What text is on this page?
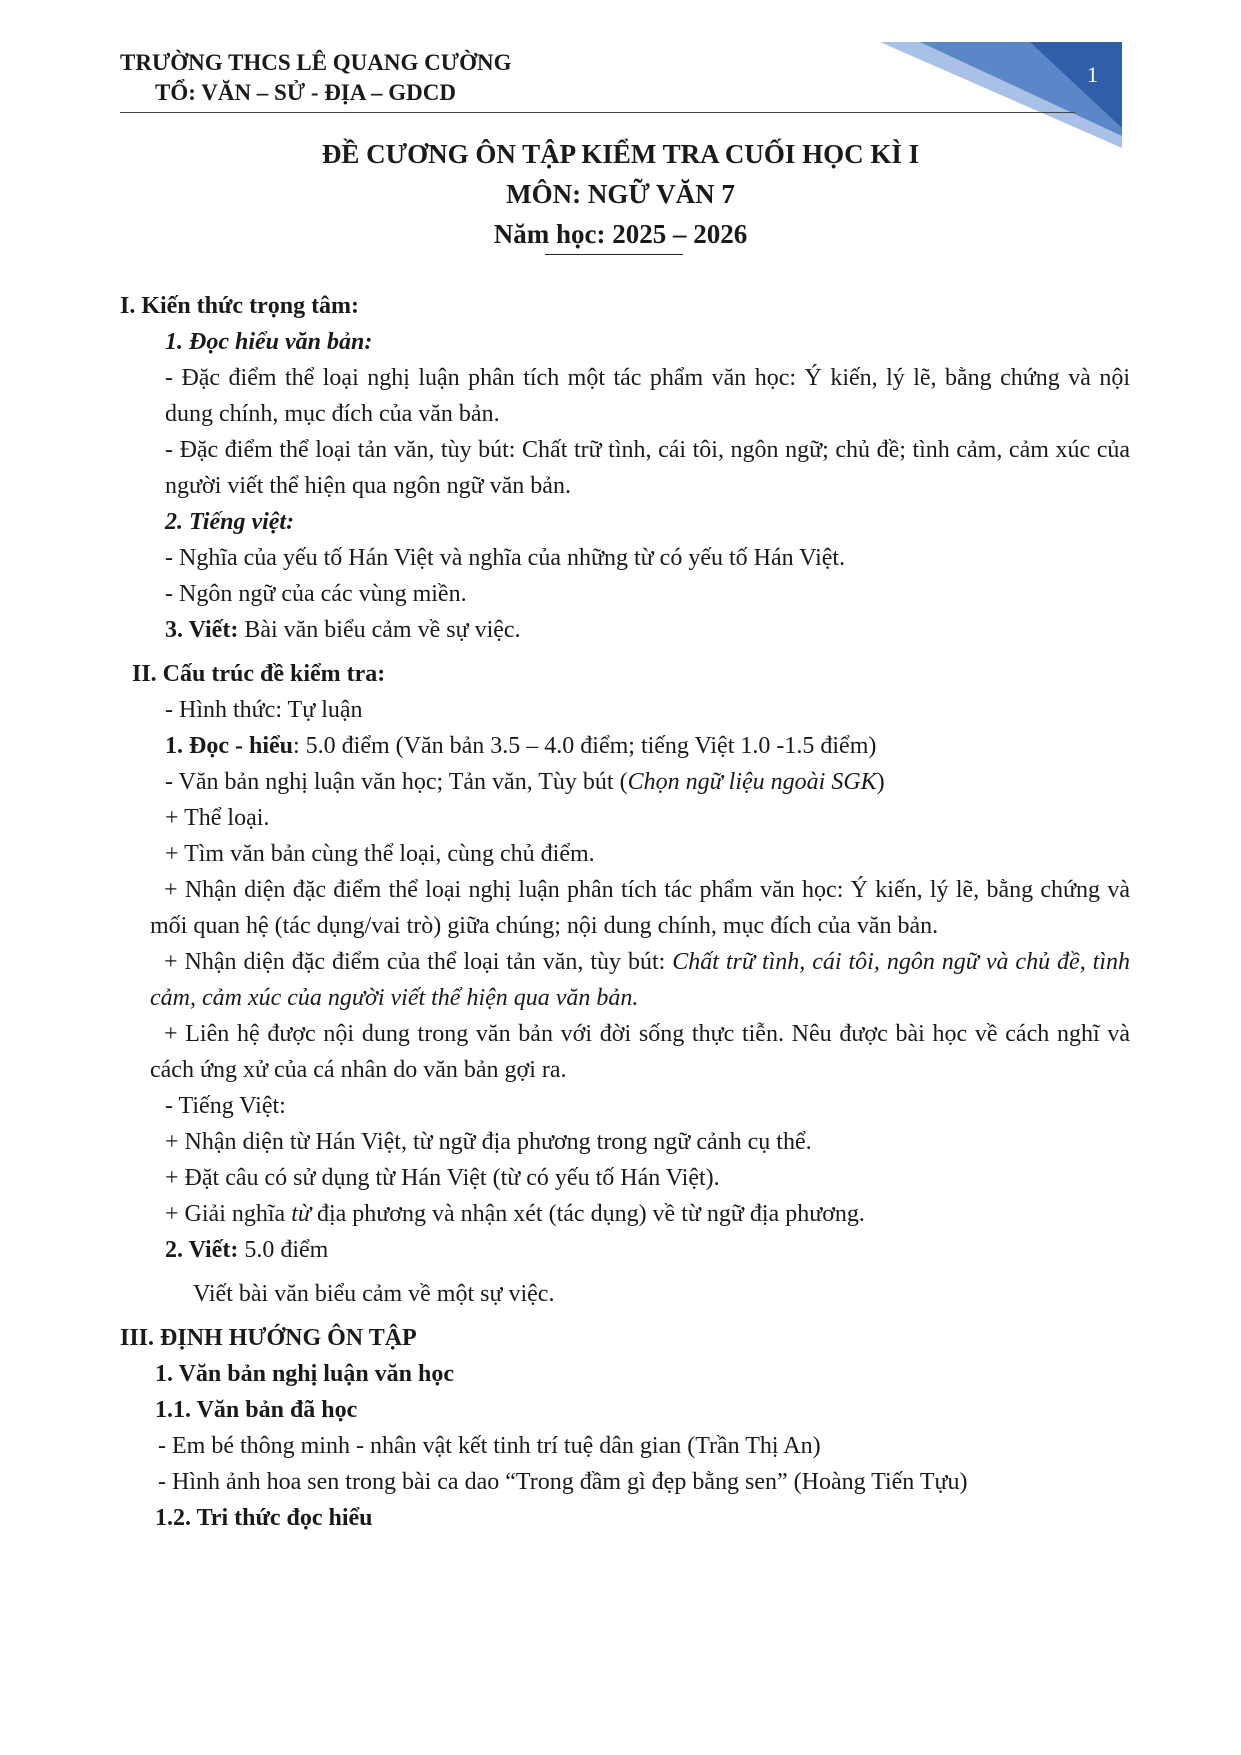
1
TRƯỜNG THCS LÊ QUANG CƯỜNG
TỔ: VĂN – SỬ - ĐỊA – GDCD
ĐỀ CƯƠNG ÔN TẬP KIỂM TRA CUỐI HỌC KÌ I
MÔN: NGỮ VĂN 7
Năm học: 2025 – 2026

I. Kiến thức trọng tâm:

1. Đọc hiểu văn bản:

- Đặc điểm thể loại nghị luận phân tích một tác phẩm văn học: Ý kiến, lý lẽ, bằng chứng và nội dung chính, mục đích của văn bản.

- Đặc điểm thể loại tản văn, tùy bút: Chất trữ tình, cái tôi, ngôn ngữ; chủ đề; tình cảm, cảm xúc của người viết thể hiện qua ngôn ngữ văn bản.

2. Tiếng việt:

- Nghĩa của yếu tố Hán Việt và nghĩa của những từ có yếu tố Hán Việt.

- Ngôn ngữ của các vùng miền.

3. Viết: Bài văn biểu cảm về sự việc.

II. Cấu trúc đề kiểm tra:

- Hình thức: Tự luận

1. Đọc - hiểu: 5.0 điểm (Văn bản 3.5 – 4.0 điểm; tiếng Việt 1.0 -1.5 điểm)

- Văn bản nghị luận văn học; Tản văn, Tùy bút (Chọn ngữ liệu ngoài SGK)

+ Thể loại.

+ Tìm văn bản cùng thể loại, cùng chủ điểm.

+ Nhận diện đặc điểm thể loại nghị luận phân tích tác phẩm văn học: Ý kiến, lý lẽ, bằng chứng và mối quan hệ (tác dụng/vai trò) giữa chúng; nội dung chính, mục đích của văn bản.

+ Nhận diện đặc điểm của thể loại tản văn, tùy bút: Chất trữ tình, cái tôi, ngôn ngữ và chủ đề, tình cảm, cảm xúc của người viết thể hiện qua văn bản.

+ Liên hệ được nội dung trong văn bản với đời sống thực tiễn. Nêu được bài học về cách nghĩ và cách ứng xử của cá nhân do văn bản gợi ra.

- Tiếng Việt:

+ Nhận diện từ Hán Việt, từ ngữ địa phương trong ngữ cảnh cụ thể.

+ Đặt câu có sử dụng từ Hán Việt (từ có yếu tố Hán Việt).

+ Giải nghĩa từ địa phương và nhận xét (tác dụng) về từ ngữ địa phương.

2. Viết: 5.0 điểm

Viết bài văn biểu cảm về một sự việc.

III. ĐỊNH HƯỚNG ÔN TẬP

1. Văn bản nghị luận văn học

1.1. Văn bản đã học

- Em bé thông minh - nhân vật kết tinh trí tuệ dân gian (Trần Thị An)

- Hình ảnh hoa sen trong bài ca dao “Trong đầm gì đẹp bằng sen” (Hoàng Tiến Tựu)

1.2. Tri thức đọc hiểu
